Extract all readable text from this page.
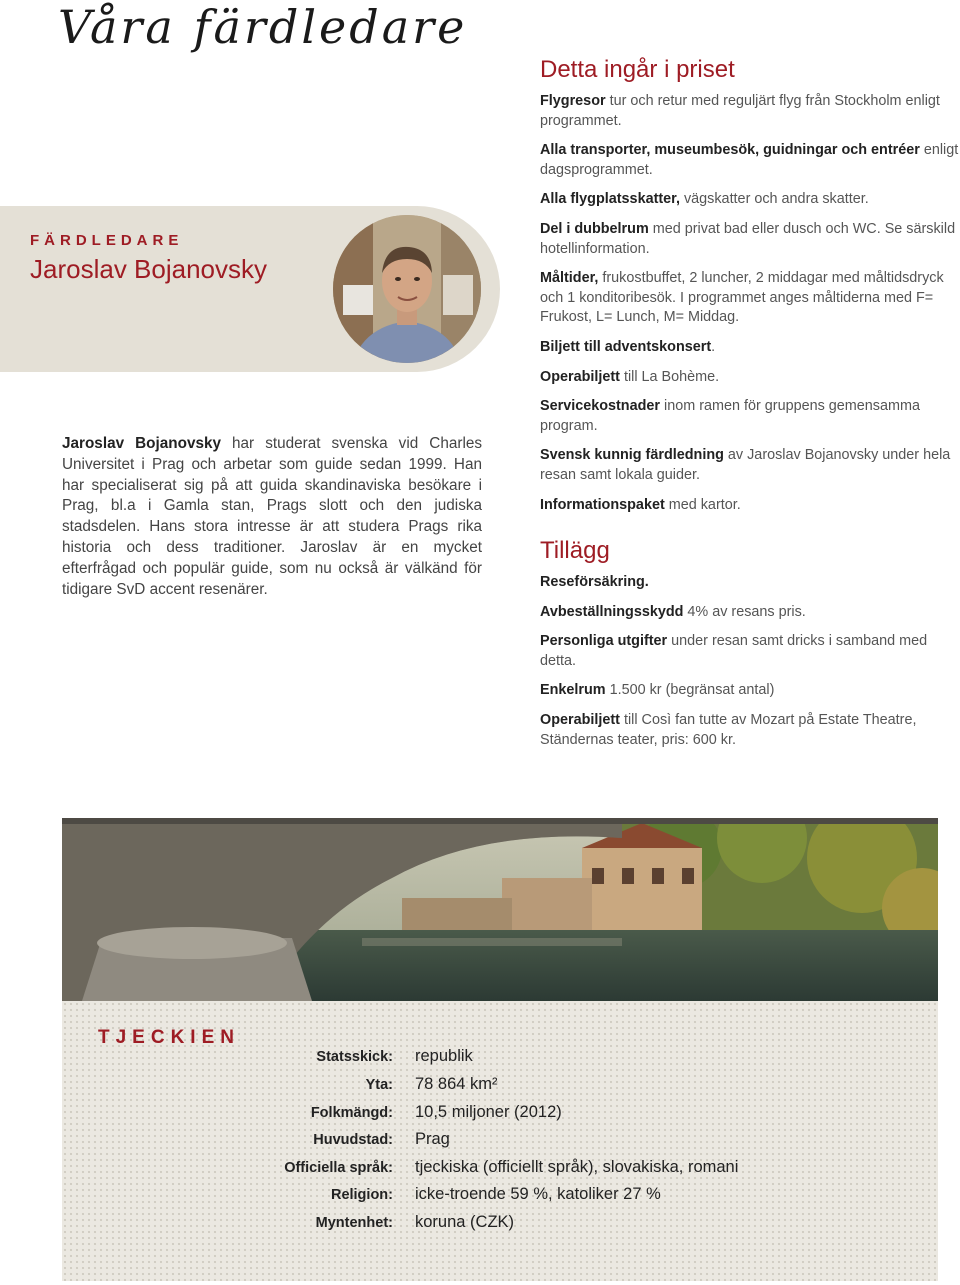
Våra färdledare
FÄRDLEDARE
Jaroslav Bojanovsky
Jaroslav Bojanovsky har studerat svenska vid Charles Universitet i Prag och arbetar som guide sedan 1999. Han har specialiserat sig på att guida skandinaviska besökare i Prag, bl.a i Gamla stan, Prags slott och den judiska stadsdelen. Hans stora intresse är att studera Prags rika historia och dess traditioner. Jaroslav är en mycket efterfrågad och populär guide, som nu också är välkänd för tidigare SvD accent resenärer.
Detta ingår i priset

Flygresor tur och retur med reguljärt flyg från Stockholm enligt programmet.

Alla transporter, museumbesök, guidningar och entréer enligt dagsprogrammet.

Alla flygplatsskatter, vägskatter och andra skatter.

Del i dubbelrum med privat bad eller dusch och WC. Se särskild hotellinformation.

Måltider, frukostbuffet, 2 luncher, 2 middagar med måltidsdryck och 1 konditoribesök. I programmet anges måltiderna med F= Frukost, L= Lunch, M= Middag.

Biljett till adventskonsert.

Operabiljett till La Bohème.

Servicekostnader inom ramen för gruppens gemensamma program.

Svensk kunnig färdledning av Jaroslav Bojanovsky under hela resan samt lokala guider.

Informationspaket med kartor.

Tillägg

Reseförsäkring.

Avbeställningsskydd 4% av resans pris.

Personliga utgifter under resan samt dricks i samband med detta.

Enkelrum 1.500 kr (begränsat antal)

Operabiljett till Così fan tutte av Mozart på Estate Theatre, Ständernas teater, pris: 600 kr.

TJECKIEN
Statsskick: republik
Yta: 78 864 km²
Folkmängd: 10,5 miljoner (2012)
Huvudstad: Prag
Officiella språk: tjeckiska (officiellt språk), slovakiska, romani
Religion: icke-troende 59 %, katoliker 27 %
Myntenhet: koruna (CZK)
